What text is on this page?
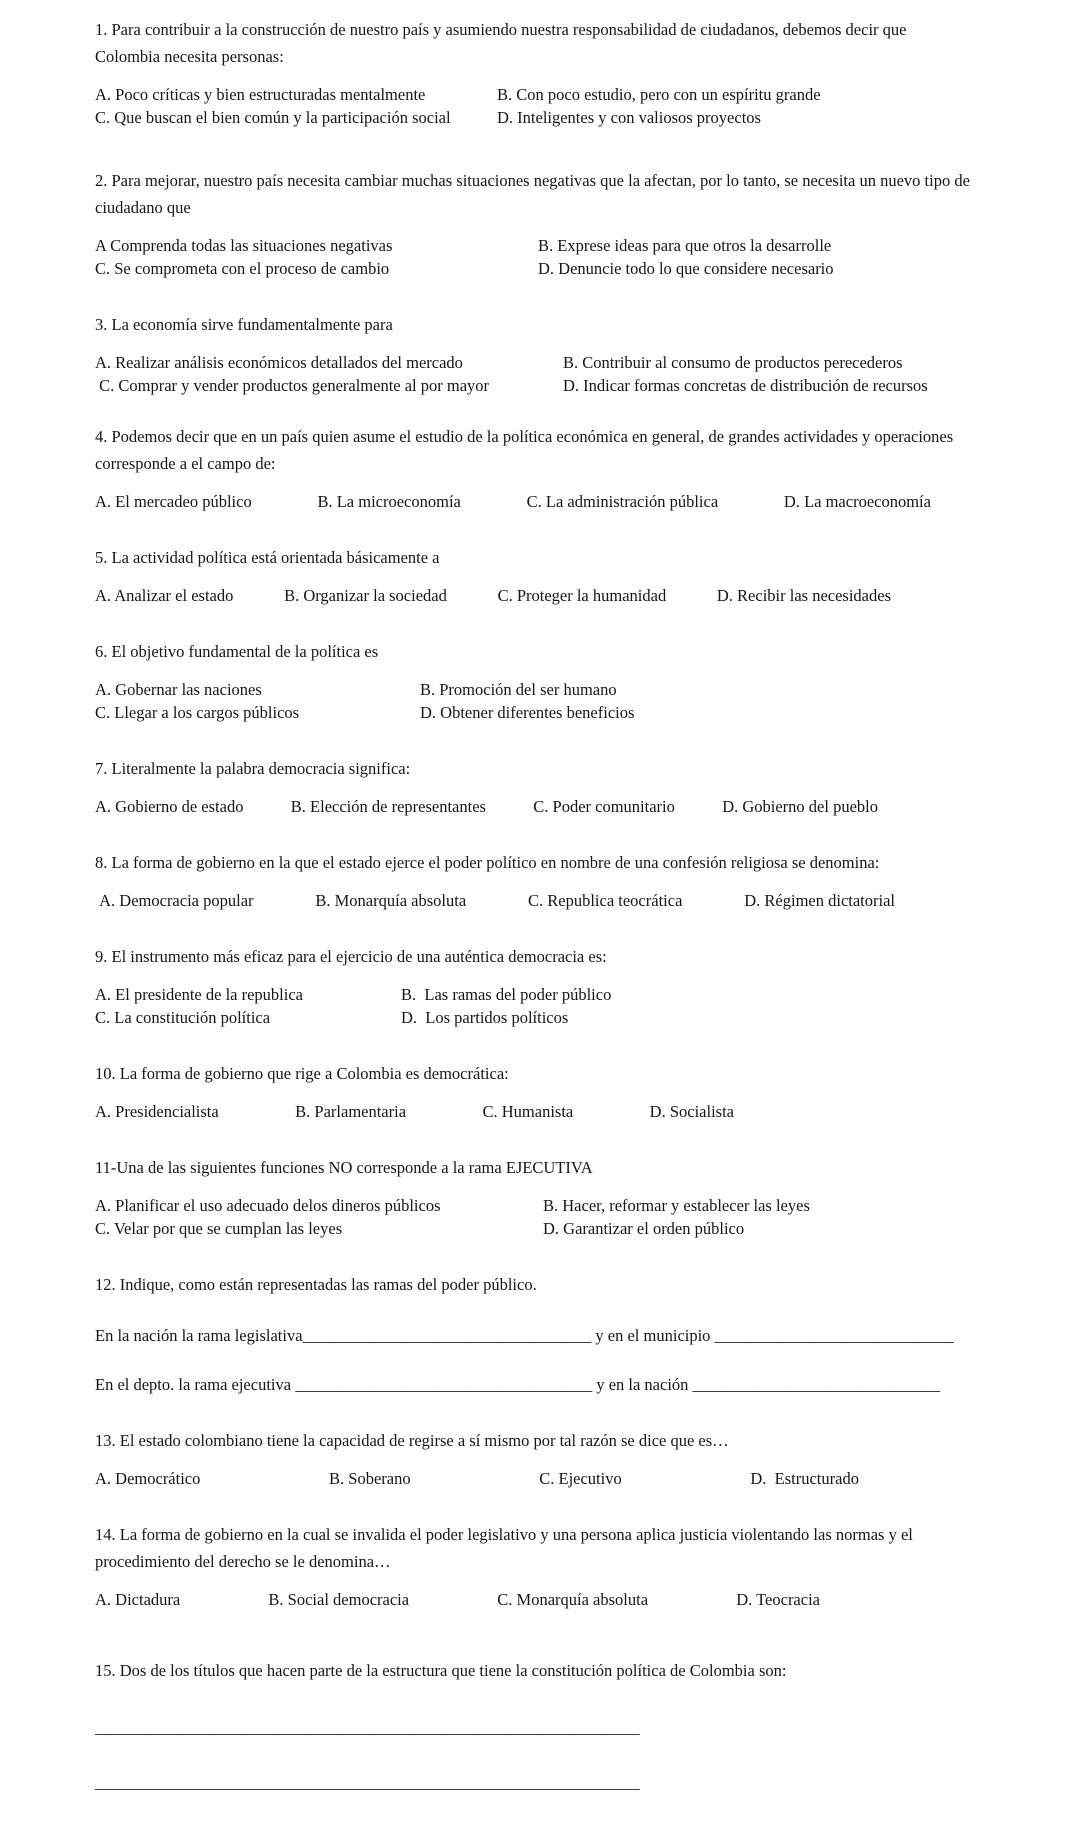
1. Para contribuir a la construcción de nuestro país y asumiendo nuestra responsabilidad de ciudadanos, debemos decir que Colombia necesita personas:

A. Poco críticas y bien estructuradas mentalmente	B. Con poco estudio, pero con un espíritu grande
C. Que buscan el bien común y la participación social	D. Inteligentes y con valiosos proyectos

2. Para mejorar, nuestro país necesita cambiar muchas situaciones negativas que la afectan, por lo tanto, se necesita un nuevo tipo de ciudadano que

A Comprenda todas las situaciones negativas	B. Exprese ideas para que otros la desarrolle
C. Se comprometa con el proceso de cambio	D. Denuncie todo lo que considere necesario

3. La economía sirve fundamentalmente para

A. Realizar análisis económicos detallados del mercado	B. Contribuir al consumo de productos perecederos
C. Comprar y vender productos generalmente al por mayor	D. Indicar formas concretas de distribución de recursos

4. Podemos decir que en un país quien asume el estudio de la política económica en general, de grandes actividades y operaciones corresponde a el campo de:

A. El mercadeo público	B. La microeconomía	C. La administración pública	D. La macroeconomía

5. La actividad política está orientada básicamente a

A. Analizar el estado	B. Organizar la sociedad	C. Proteger la humanidad	D. Recibir las necesidades

6. El objetivo fundamental de la política es

A. Gobernar las naciones	B. Promoción del ser humano
C. Llegar a los cargos públicos	D. Obtener diferentes beneficios

7. Literalmente la palabra democracia significa:

A. Gobierno de estado	B. Elección de representantes	C. Poder comunitario	D. Gobierno del pueblo

8. La forma de gobierno en la que el estado ejerce el poder político en nombre de una confesión religiosa se denomina:

A. Democracia popular	B. Monarquía absoluta	C. Republica teocrática	D. Régimen dictatorial

9. El instrumento más eficaz para el ejercicio de una auténtica democracia es:

A. El presidente de la republica	B.  Las ramas del poder público
C. La constitución política	D.  Los partidos políticos

10. La forma de gobierno que rige a Colombia es democrática:

A. Presidencialista	B. Parlamentaria	C. Humanista	D. Socialista

11-Una de las siguientes funciones NO corresponde a la rama EJECUTIVA

A. Planificar el uso adecuado delos dineros públicos	B. Hacer, reformar y establecer las leyes
C. Velar por que se cumplan las leyes	D. Garantizar el orden público

12. Indique, como están representadas las ramas del poder público.

En la nación la rama legislativa___________________________________ y en el municipio _____________________________

En el depto. la rama ejecutiva ____________________________________ y en la nación ______________________________

13. El estado colombiano tiene la capacidad de regirse a sí mismo por tal razón se dice que es…

A. Democrático	B. Soberano	C. Ejecutivo	D.  Estructurado

14. La forma de gobierno en la cual se invalida el poder legislativo y una persona aplica justicia violentando las normas y el procedimiento del derecho se le denomina…

A. Dictadura	B. Social democracia	C. Monarquía absoluta	D. Teocracia

15. Dos de los títulos que hacen parte de la estructura que tiene la constitución política de Colombia son:

__________________________________________________________________

__________________________________________________________________
